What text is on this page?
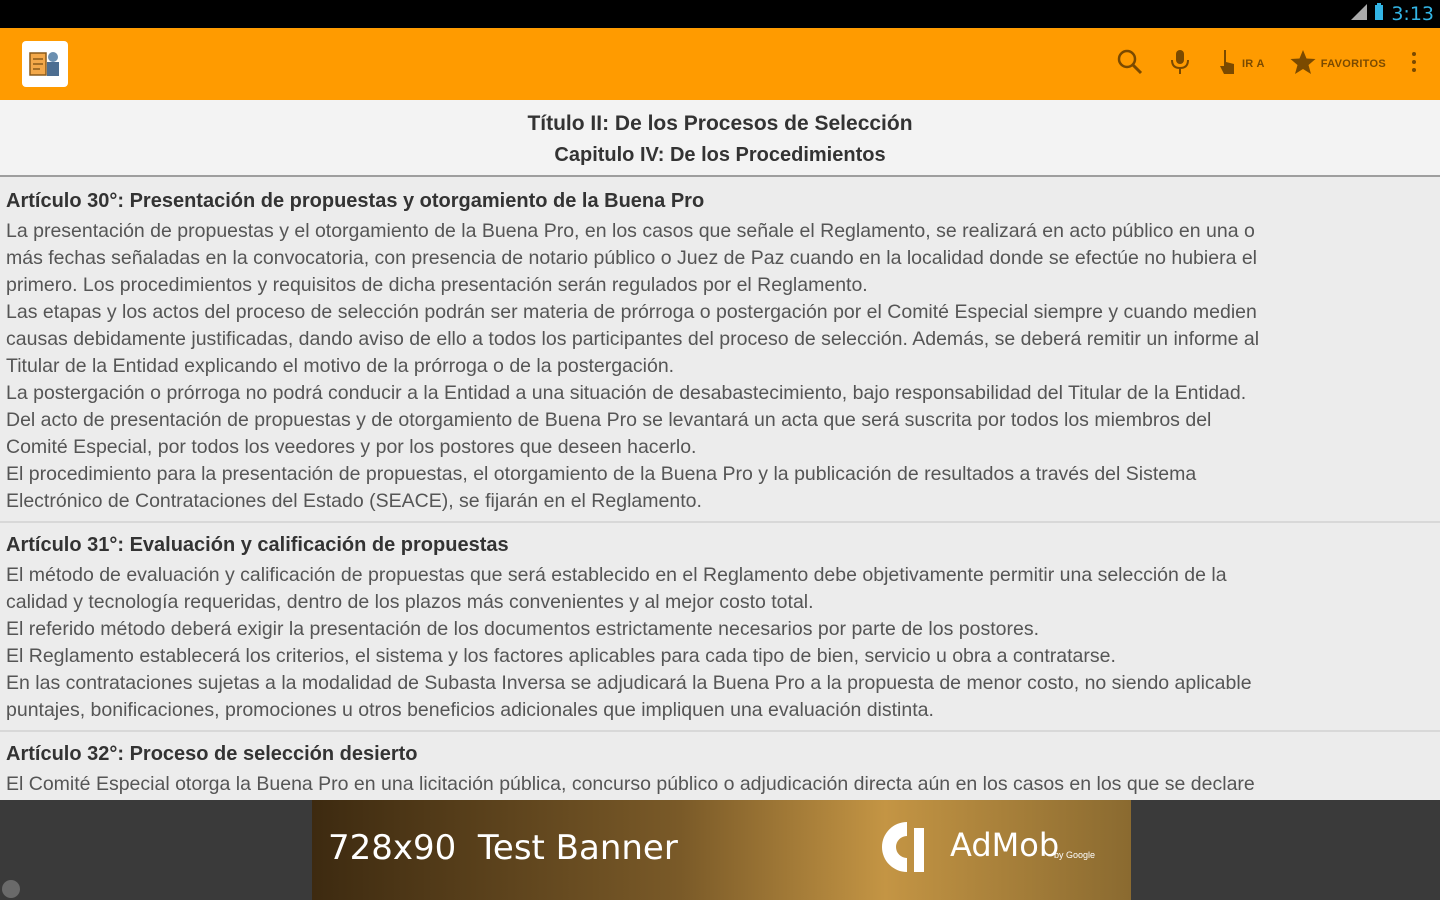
3:13
IR A	FAVORITOS
Título II: De los Procesos de Selección
Capitulo IV: De los Procedimientos
Artículo 30°: Presentación de propuestas y otorgamiento de la Buena Pro
La presentación de propuestas y el otorgamiento de la Buena Pro, en los casos que señale el Reglamento, se realizará en acto público en una o
más fechas señaladas en la convocatoria, con presencia de notario público o Juez de Paz cuando en la localidad donde se efectúe no hubiera el
primero. Los procedimientos y requisitos de dicha presentación serán regulados por el Reglamento.
Las etapas y los actos del proceso de selección podrán ser materia de prórroga o postergación por el Comité Especial siempre y cuando medien
causas debidamente justificadas, dando aviso de ello a todos los participantes del proceso de selección. Además, se deberá remitir un informe al
Titular de la Entidad explicando el motivo de la prórroga o de la postergación.
La postergación o prórroga no podrá conducir a la Entidad a una situación de desabastecimiento, bajo responsabilidad del Titular de la Entidad.
Del acto de presentación de propuestas y de otorgamiento de Buena Pro se levantará un acta que será suscrita por todos los miembros del
Comité Especial, por todos los veedores y por los postores que deseen hacerlo.
El procedimiento para la presentación de propuestas, el otorgamiento de la Buena Pro y la publicación de resultados a través del Sistema
Electrónico de Contrataciones del Estado (SEACE), se fijarán en el Reglamento.
Artículo 31°: Evaluación y calificación de propuestas
El método de evaluación y calificación de propuestas que será establecido en el Reglamento debe objetivamente permitir una selección de la
calidad y tecnología requeridas, dentro de los plazos más convenientes y al mejor costo total.
El referido método deberá exigir la presentación de los documentos estrictamente necesarios por parte de los postores.
El Reglamento establecerá los criterios, el sistema y los factores aplicables para cada tipo de bien, servicio u obra a contratarse.
En las contrataciones sujetas a la modalidad de Subasta Inversa se adjudicará la Buena Pro a la propuesta de menor costo, no siendo aplicable
puntajes, bonificaciones, promociones u otros beneficios adicionales que impliquen una evaluación distinta.
Artículo 32°: Proceso de selección desierto
El Comité Especial otorga la Buena Pro en una licitación pública, concurso público o adjudicación directa aún en los casos en los que se declare
728x90 Test Banner	AdMob
by Google
